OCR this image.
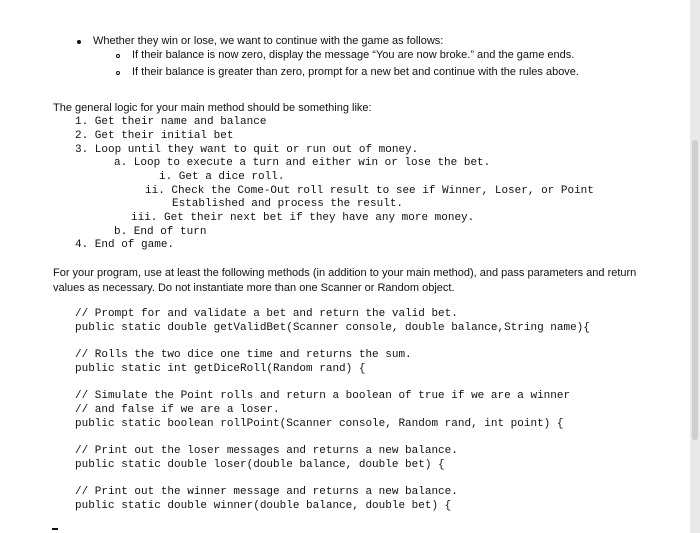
Whether they win or lose, we want to continue with the game as follows:
If their balance is now zero, display the message “You are now broke.” and the game ends.
If their balance is greater than zero, prompt for a new bet and continue with the rules above.
The general logic for your main method should be something like:
1. Get their name and balance
2. Get their initial bet
3. Loop until they want to quit or run out of money.
a. Loop to execute a turn and either win or lose the bet.
i. Get a dice roll.
ii. Check the Come-Out roll result to see if Winner, Loser, or Point
Established and process the result.
iii. Get their next bet if they have any more money.
b. End of turn
4. End of game.
For your program, use at least the following methods (in addition to your main method), and pass parameters and return
values as necessary. Do not instantiate more than one Scanner or Random object.
// Prompt for and validate a bet and return the valid bet.
public static double getValidBet(Scanner console, double balance,String name){
// Rolls the two dice one time and returns the sum.
public static int getDiceRoll(Random rand) {
// Simulate the Point rolls and return a boolean of true if we are a winner
// and false if we are a loser.
public static boolean rollPoint(Scanner console, Random rand, int point) {
// Print out the loser messages and returns a new balance.
public static double loser(double balance, double bet) {
// Print out the winner message and returns a new balance.
public static double winner(double balance, double bet) {
